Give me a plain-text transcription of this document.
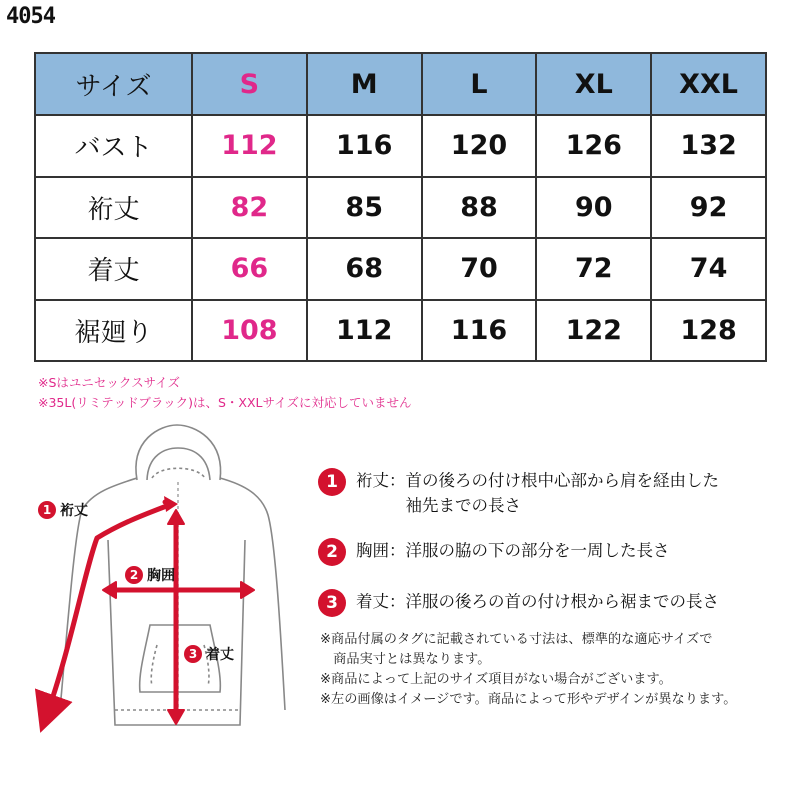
4054
サイズ	S	M	L	XL	XXL
バスト	112	116	120	126	132
裄丈	82	85	88	90	92
着丈	66	68	70	72	74
裾廻り	108	112	116	122	128
※Sはユニセックスサイズ
※35L(リミテッドブラック)は、S・XXLサイズに対応していません
1 裄丈
2 胸囲
3 着丈
1	裄丈： 首の後ろの付け根中心部から肩を経由した
袖先までの長さ
2	胸囲： 洋服の脇の下の部分を一周した長さ
3	着丈： 洋服の後ろの首の付け根から裾までの長さ
※商品付属のタグに記載されている寸法は、標準的な適応サイズで
　商品実寸とは異なります。
※商品によって上記のサイズ項目がない場合がございます。
※左の画像はイメージです。商品によって形やデザインが異なります。
